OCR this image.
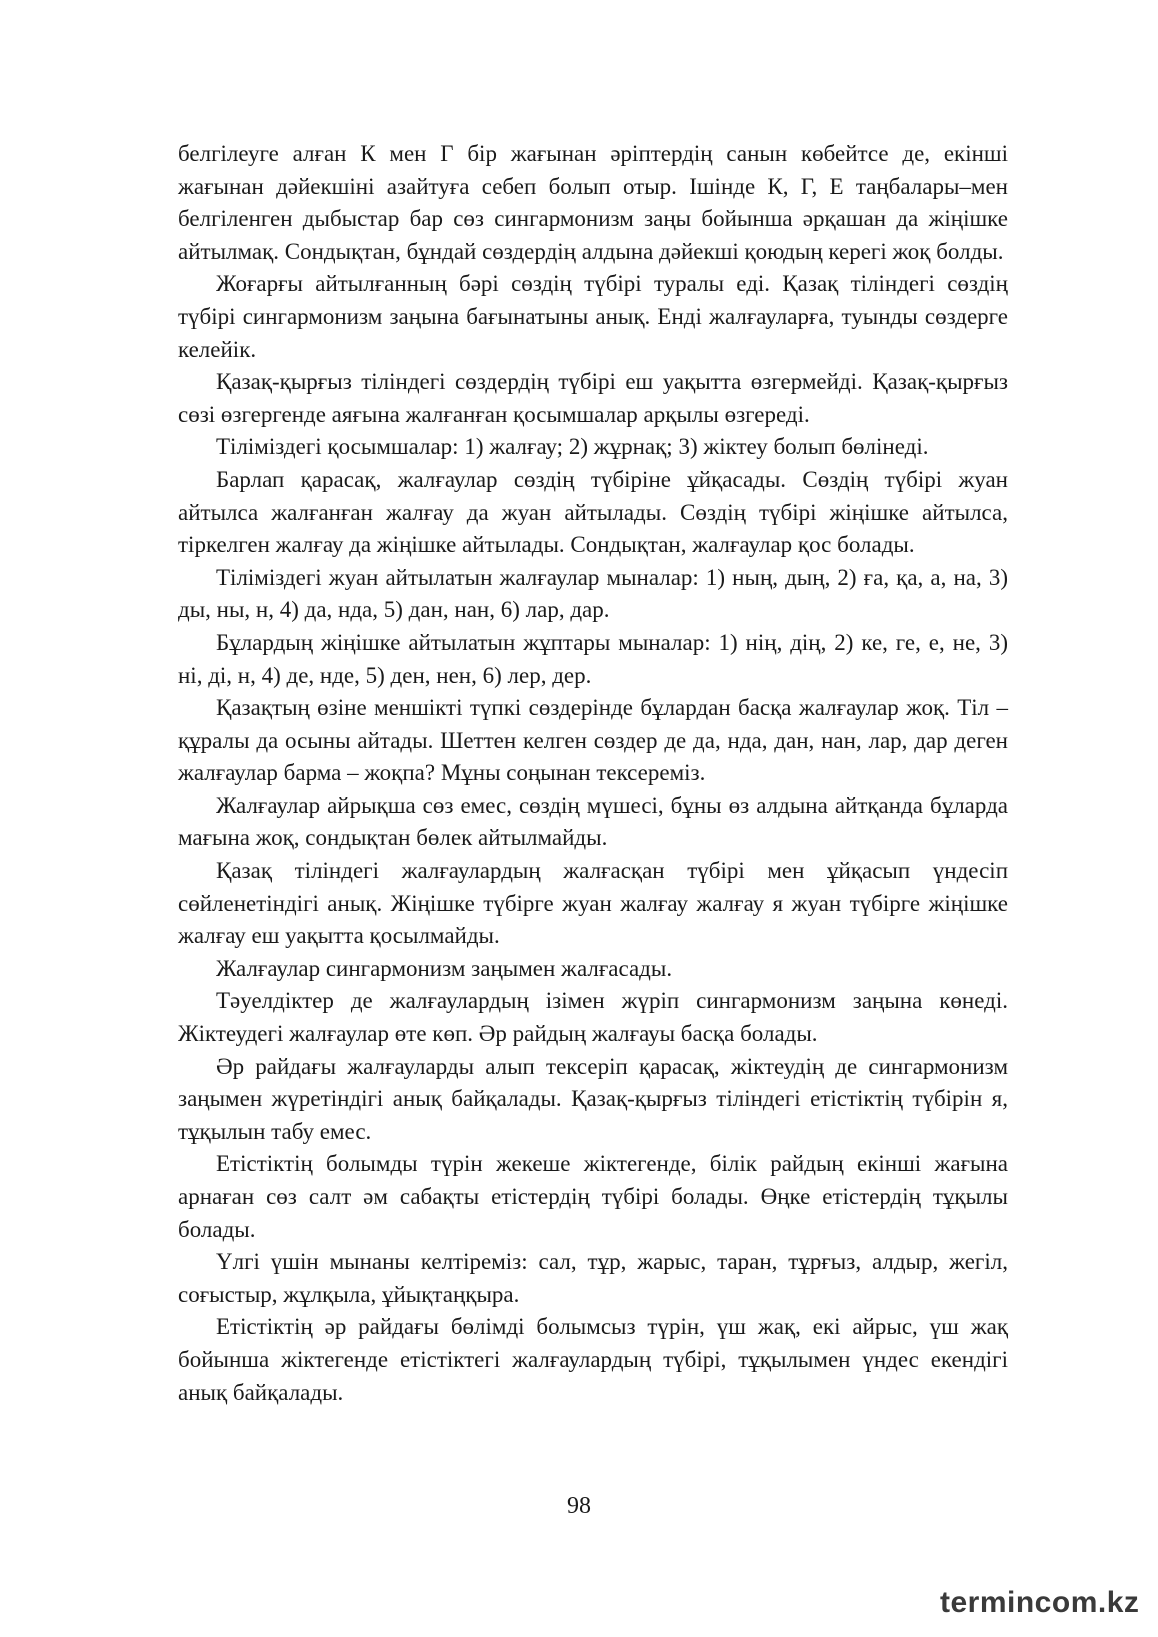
белгілеуге алған К мен Г бір жағынан әріптердің санын көбейтсе де, екінші жағынан дәйекшіні азайтуға себеп болып отыр. Ішінде К, Г, Е таңбалары–мен белгіленген дыбыстар бар сөз сингармонизм заңы бойынша әрқашан да жіңішке айтылмақ. Сондықтан, бұндай сөздердің алдына дәйекші қоюдың керегі жоқ болды.

Жоғарғы айтылғанның бәрі сөздің түбірі туралы еді. Қазақ тіліндегі сөздің түбірі сингармонизм заңына бағынатыны анық. Енді жалғауларға, туынды сөздерге келейік.

Қазақ-қырғыз тіліндегі сөздердің түбірі еш уақытта өзгермейді. Қазақ-қырғыз сөзі өзгергенде аяғына жалғанған қосымшалар арқылы өзгереді.

Тіліміздегі қосымшалар: 1) жалғау; 2) жұрнақ; 3) жіктеу болып бөлінеді.

Барлап қарасақ, жалғаулар сөздің түбіріне ұйқасады. Сөздің түбірі жуан айтылса жалғанған жалғау да жуан айтылады. Сөздің түбірі жіңішке айтылса, тіркелген жалғау да жіңішке айтылады. Сондықтан, жалғаулар қос болады.

Тіліміздегі жуан айтылатын жалғаулар мыналар: 1) ның, дың, 2) ға, қа, а, на, 3) ды, ны, н, 4) да, нда, 5) дан, нан, 6) лар, дар.

Бұлардың жіңішке айтылатын жұптары мыналар: 1) нің, дің, 2) ке, ге, е, не, 3) ні, ді, н, 4) де, нде, 5) ден, нен, 6) лер, дер.

Қазақтың өзіне меншікті түпкі сөздерінде бұлардан басқа жалғаулар жоқ. Тіл – құралы да осыны айтады. Шеттен келген сөздер де да, нда, дан, нан, лар, дар деген жалғаулар барма – жоқпа? Мұны соңынан тексереміз.

Жалғаулар айрықша сөз емес, сөздің мүшесі, бұны өз алдына айтқанда бұларда мағына жоқ, сондықтан бөлек айтылмайды.

Қазақ тіліндегі жалғаулардың жалғасқан түбірі мен ұйқасып үндесіп сөйленетіндігі анық. Жіңішке түбірге жуан жалғау жалғау я жуан түбірге жіңішке жалғау еш уақытта қосылмайды.

Жалғаулар сингармонизм заңымен жалғасады.

Тәуелдіктер де жалғаулардың ізімен жүріп сингармонизм заңына көнеді. Жіктеудегі жалғаулар өте көп. Әр райдың жалғауы басқа болады.

Әр райдағы жалғауларды алып тексеріп қарасақ, жіктеудің де сингармонизм заңымен жүретіндігі анық байқалады. Қазақ-қырғыз тіліндегі етістіктің түбірін я, тұқылын табу емес.

Етістіктің болымды түрін жекеше жіктегенде, білік райдың екінші жағына арнаған сөз салт әм сабақты етістердің түбірі болады. Өңке етістердің тұқылы болады.

Үлгі үшін мынаны келтіреміз: сал, тұр, жарыс, таран, тұрғыз, алдыр, жегіл, соғыстыр, жұлқыла, ұйықтаңқыра.

Етістіктің әр райдағы бөлімді болымсыз түрін, үш жақ, екі айрыс, үш жақ бойынша жіктегенде етістіктегі жалғаулардың түбірі, тұқылымен үндес екендігі анық байқалады.

98
termincom.kz
